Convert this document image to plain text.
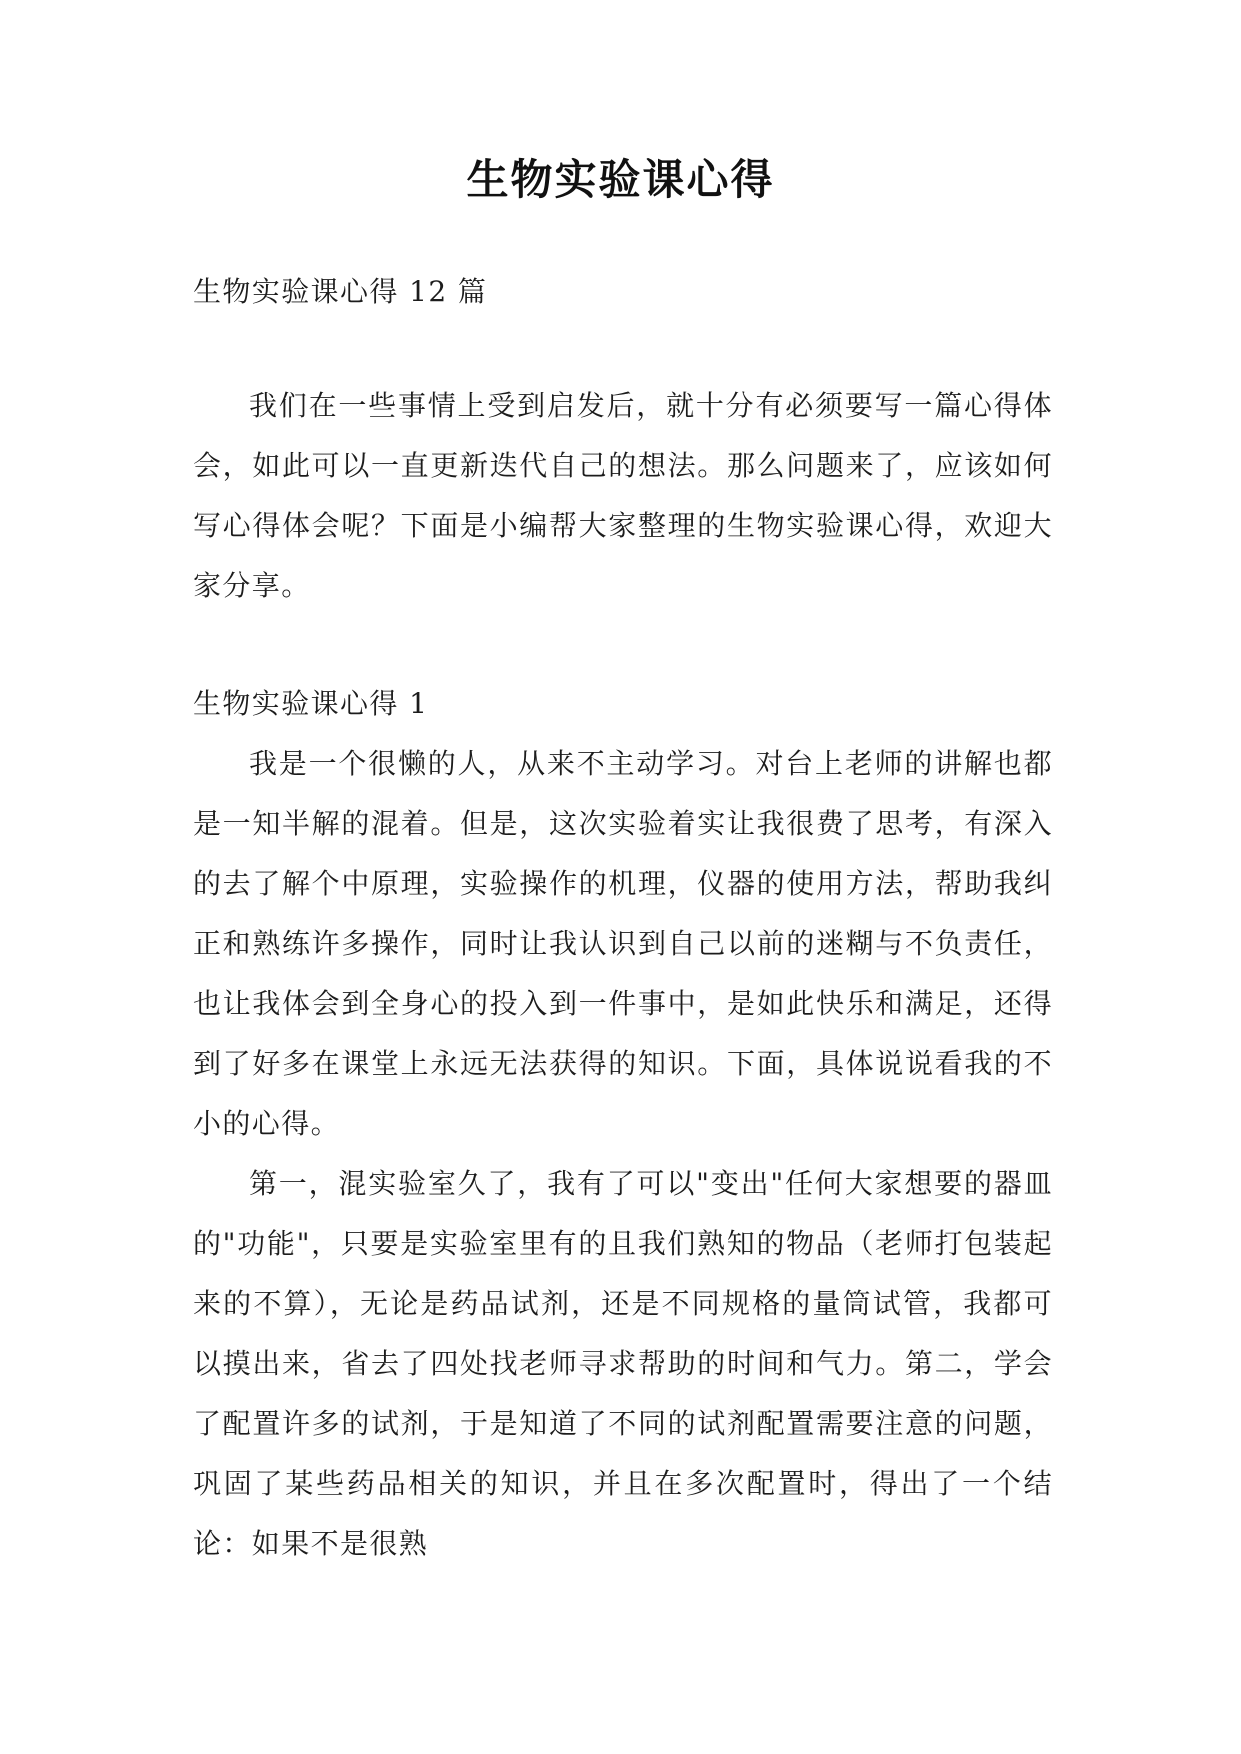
生物实验课心得

生物实验课心得 12 篇

我们在一些事情上受到启发后，就十分有必须要写一篇心得体会，如此可以一直更新迭代自己的想法。那么问题来了，应该如何写心得体会呢？下面是小编帮大家整理的生物实验课心得，欢迎大家分享。

生物实验课心得 1

我是一个很懒的人，从来不主动学习。对台上老师的讲解也都是一知半解的混着。但是，这次实验着实让我很费了思考，有深入的去了解个中原理，实验操作的机理，仪器的使用方法，帮助我纠正和熟练许多操作，同时让我认识到自己以前的迷糊与不负责任，也让我体会到全身心的投入到一件事中，是如此快乐和满足，还得到了好多在课堂上永远无法获得的知识。下面，具体说说看我的不小的心得。

第一，混实验室久了，我有了可以"变出"任何大家想要的器皿的"功能"，只要是实验室里有的且我们熟知的物品（老师打包装起来的不算），无论是药品试剂，还是不同规格的量筒试管，我都可以摸出来，省去了四处找老师寻求帮助的时间和气力。第二，学会了配置许多的试剂，于是知道了不同的试剂配置需要注意的问题，巩固了某些药品相关的知识，并且在多次配置时，得出了一个结论：如果不是很熟
